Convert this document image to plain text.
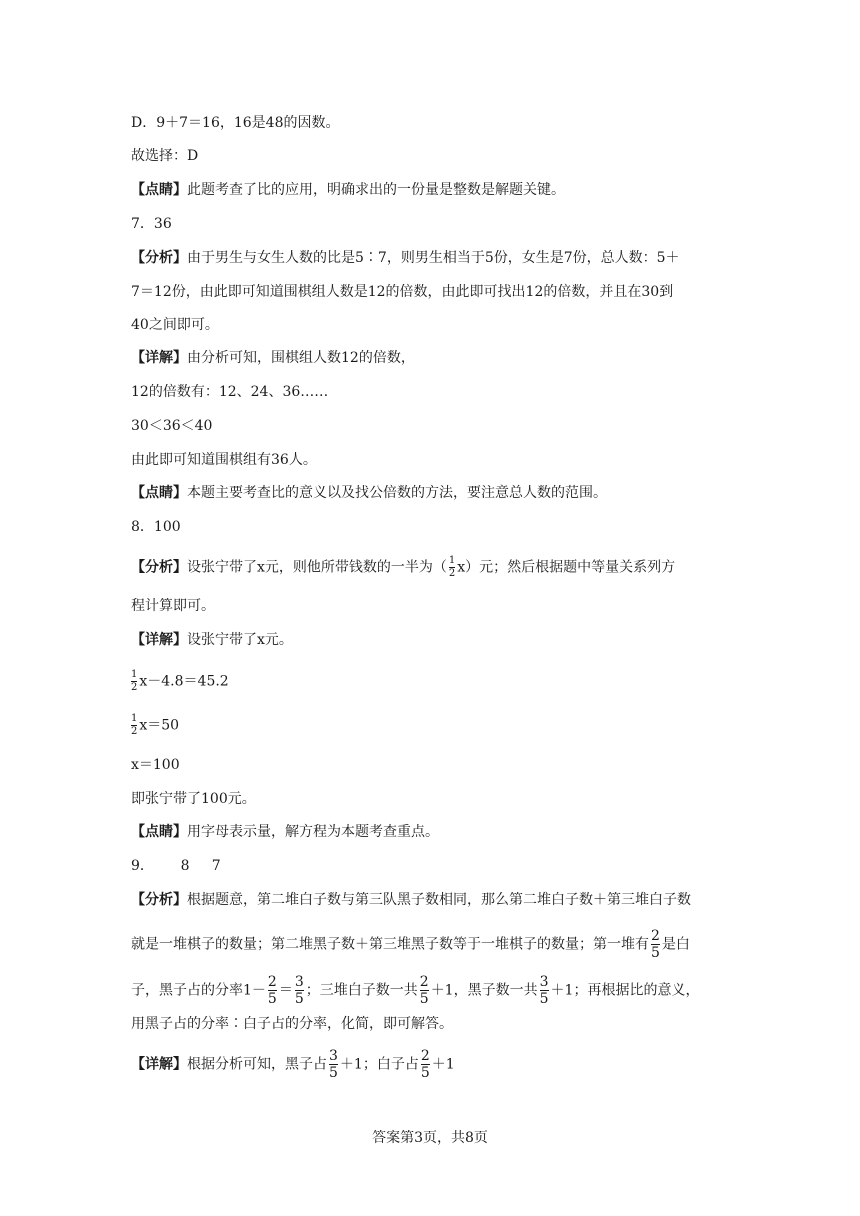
D．9＋7＝16，16是48的因数。
故选择：D
【点睛】此题考查了比的应用，明确求出的一份量是整数是解题关键。
7．36
【分析】由于男生与女生人数的比是5∶7，则男生相当于5份，女生是7份，总人数：5＋
7＝12份，由此即可知道围棋组人数是12的倍数，由此即可找出12的倍数，并且在30到
40之间即可。
【详解】由分析可知，围棋组人数12的倍数，
12的倍数有：12、24、36……
30＜36＜40
由此即可知道围棋组有36人。
【点睛】本题主要考查比的意义以及找公倍数的方法，要注意总人数的范围。
8．100
【分析】设张宁带了x元，则他所带钱数的一半为（ $\frac{1}{2} x$）元；然后根据题中等量关系列方
程计算即可。
【详解】设张宁带了x元。
$\frac{1}{2} x-4.8=45.2$
$\frac{1}{2} x=50$
x＝100
即张宁带了100元。
【点睛】用字母表示量，解方程为本题考查重点。
9．      8     7
【分析】根据题意，第二堆白子数与第三队黑子数相同，那么第二堆白子数＋第三堆白子数
就是一堆棋子的数量；第二堆黑子数＋第三堆黑子数等于一堆棋子的数量；第一堆有 $\frac{2}{5}$ 是白
子，黑子占的分率$1- \frac{2}{5} = \frac{3}{5}$ ；三堆白子数一共 $\frac{2}{5} +1$，黑子数一共 $\frac{3}{5} +1$；再根据比的意义，
用黑子占的分率∶白子占的分率，化简，即可解答。
【详解】根据分析可知，黑子占 $\frac{3}{5} +1$；白子占 $\frac{2}{5} +1$
答案第3页，共8页
